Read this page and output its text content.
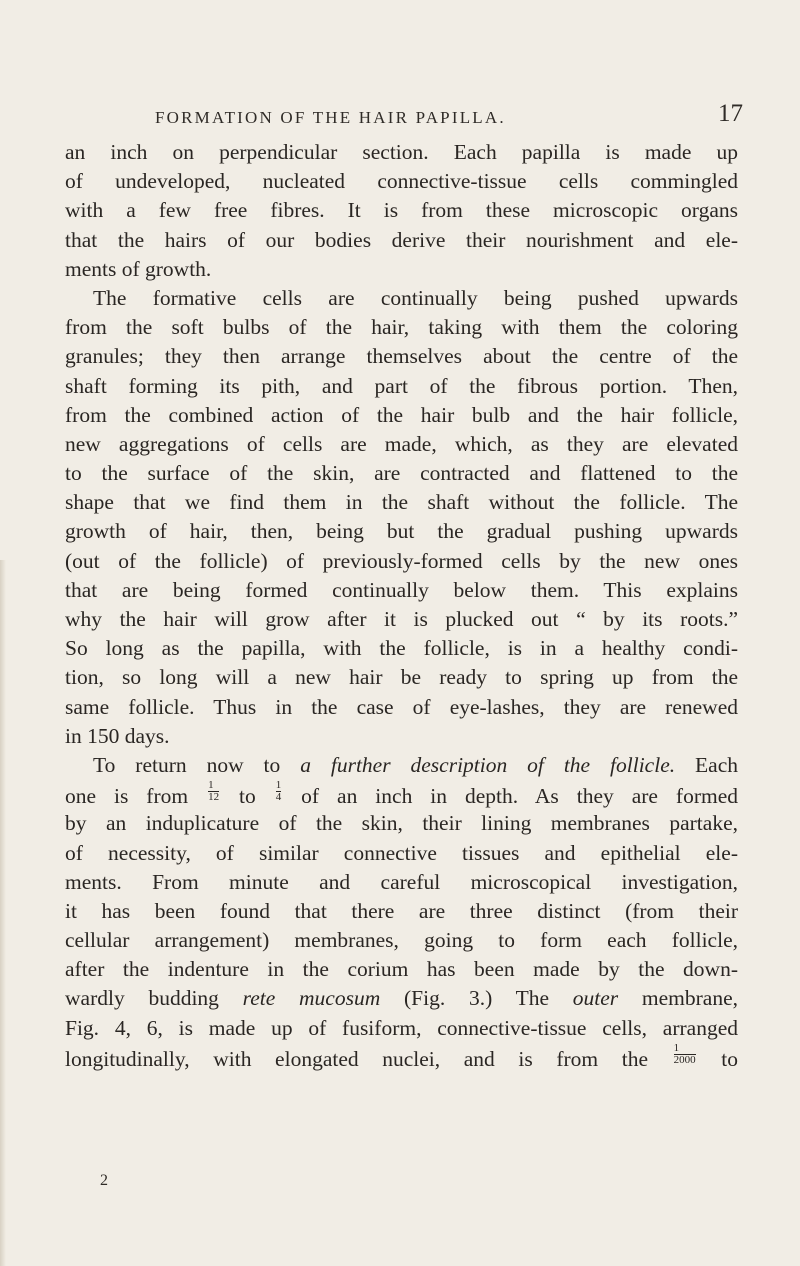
FORMATION OF THE HAIR PAPILLA.	17
an inch on perpendicular section. Each papilla is made up
of undeveloped, nucleated connective-tissue cells commingled
with a few free fibres. It is from these microscopic organs
that the hairs of our bodies derive their nourishment and ele-
ments of growth.
The formative cells are continually being pushed upwards
from the soft bulbs of the hair, taking with them the coloring
granules; they then arrange themselves about the centre of the
shaft forming its pith, and part of the fibrous portion. Then,
from the combined action of the hair bulb and the hair follicle,
new aggregations of cells are made, which, as they are elevated
to the surface of the skin, are contracted and flattened to the
shape that we find them in the shaft without the follicle. The
growth of hair, then, being but the gradual pushing upwards
(out of the follicle) of previously-formed cells by the new ones
that are being formed continually below them. This explains
why the hair will grow after it is plucked out “ by its roots.”
So long as the papilla, with the follicle, is in a healthy condi-
tion, so long will a new hair be ready to spring up from the
same follicle. Thus in the case of eye-lashes, they are renewed
in 150 days.
To return now to a further description of the follicle. Each
one is from $\frac{1}{12}$ to $\frac{1}{4}$ of an inch in depth. As they are formed
by an induplicature of the skin, their lining membranes partake,
of necessity, of similar connective tissues and epithelial ele-
ments. From minute and careful microscopical investigation,
it has been found that there are three distinct (from their
cellular arrangement) membranes, going to form each follicle,
after the indenture in the corium has been made by the down-
wardly budding rete mucosum (Fig. 3.) The outer membrane,
Fig. 4, 6, is made up of fusiform, connective-tissue cells, arranged
longitudinally, with elongated nuclei, and is from the $\frac{1}{2000}$ to
2
